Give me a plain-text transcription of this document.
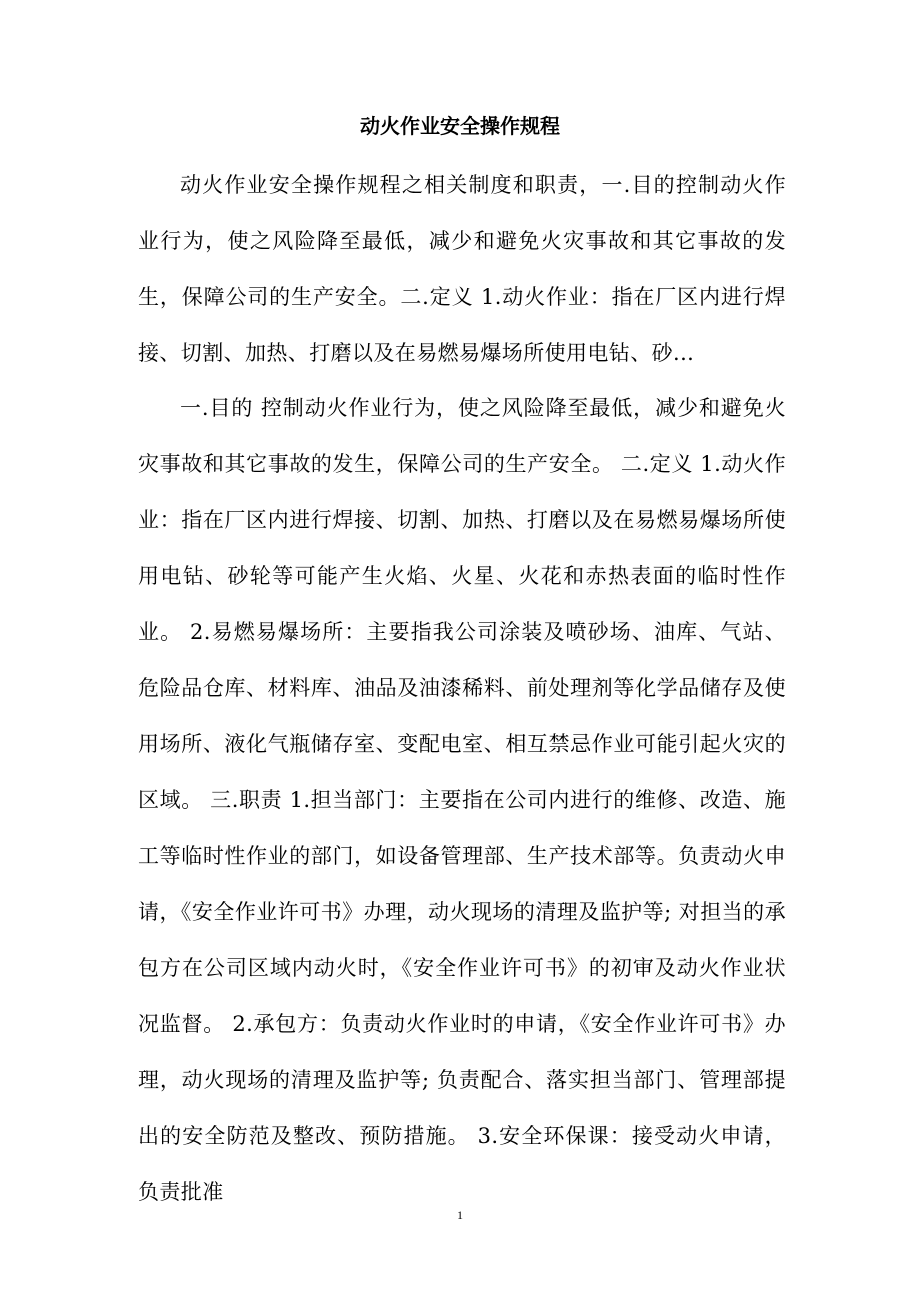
动火作业安全操作规程

动火作业安全操作规程之相关制度和职责，一.目的控制动火作业行为，使之风险降至最低，减少和避免火灾事故和其它事故的发生，保障公司的生产安全。二.定义 1.动火作业：指在厂区内进行焊接、切割、加热、打磨以及在易燃易爆场所使用电钻、砂...

一.目的 控制动火作业行为，使之风险降至最低，减少和避免火灾事故和其它事故的发生，保障公司的生产安全。 二.定义 1.动火作业：指在厂区内进行焊接、切割、加热、打磨以及在易燃易爆场所使用电钻、砂轮等可能产生火焰、火星、火花和赤热表面的临时性作业。 2.易燃易爆场所：主要指我公司涂装及喷砂场、油库、气站、危险品仓库、材料库、油品及油漆稀料、前处理剂等化学品储存及使用场所、液化气瓶储存室、变配电室、相互禁忌作业可能引起火灾的区域。 三.职责 1.担当部门：主要指在公司内进行的维修、改造、施工等临时性作业的部门，如设备管理部、生产技术部等。负责动火申请，《安全作业许可书》办理，动火现场的清理及监护等; 对担当的承包方在公司区域内动火时，《安全作业许可书》的初审及动火作业状况监督。 2.承包方：负责动火作业时的申请，《安全作业许可书》办理，动火现场的清理及监护等; 负责配合、落实担当部门、管理部提出的安全防范及整改、预防措施。 3.安全环保课：接受动火申请，负责批准

1
